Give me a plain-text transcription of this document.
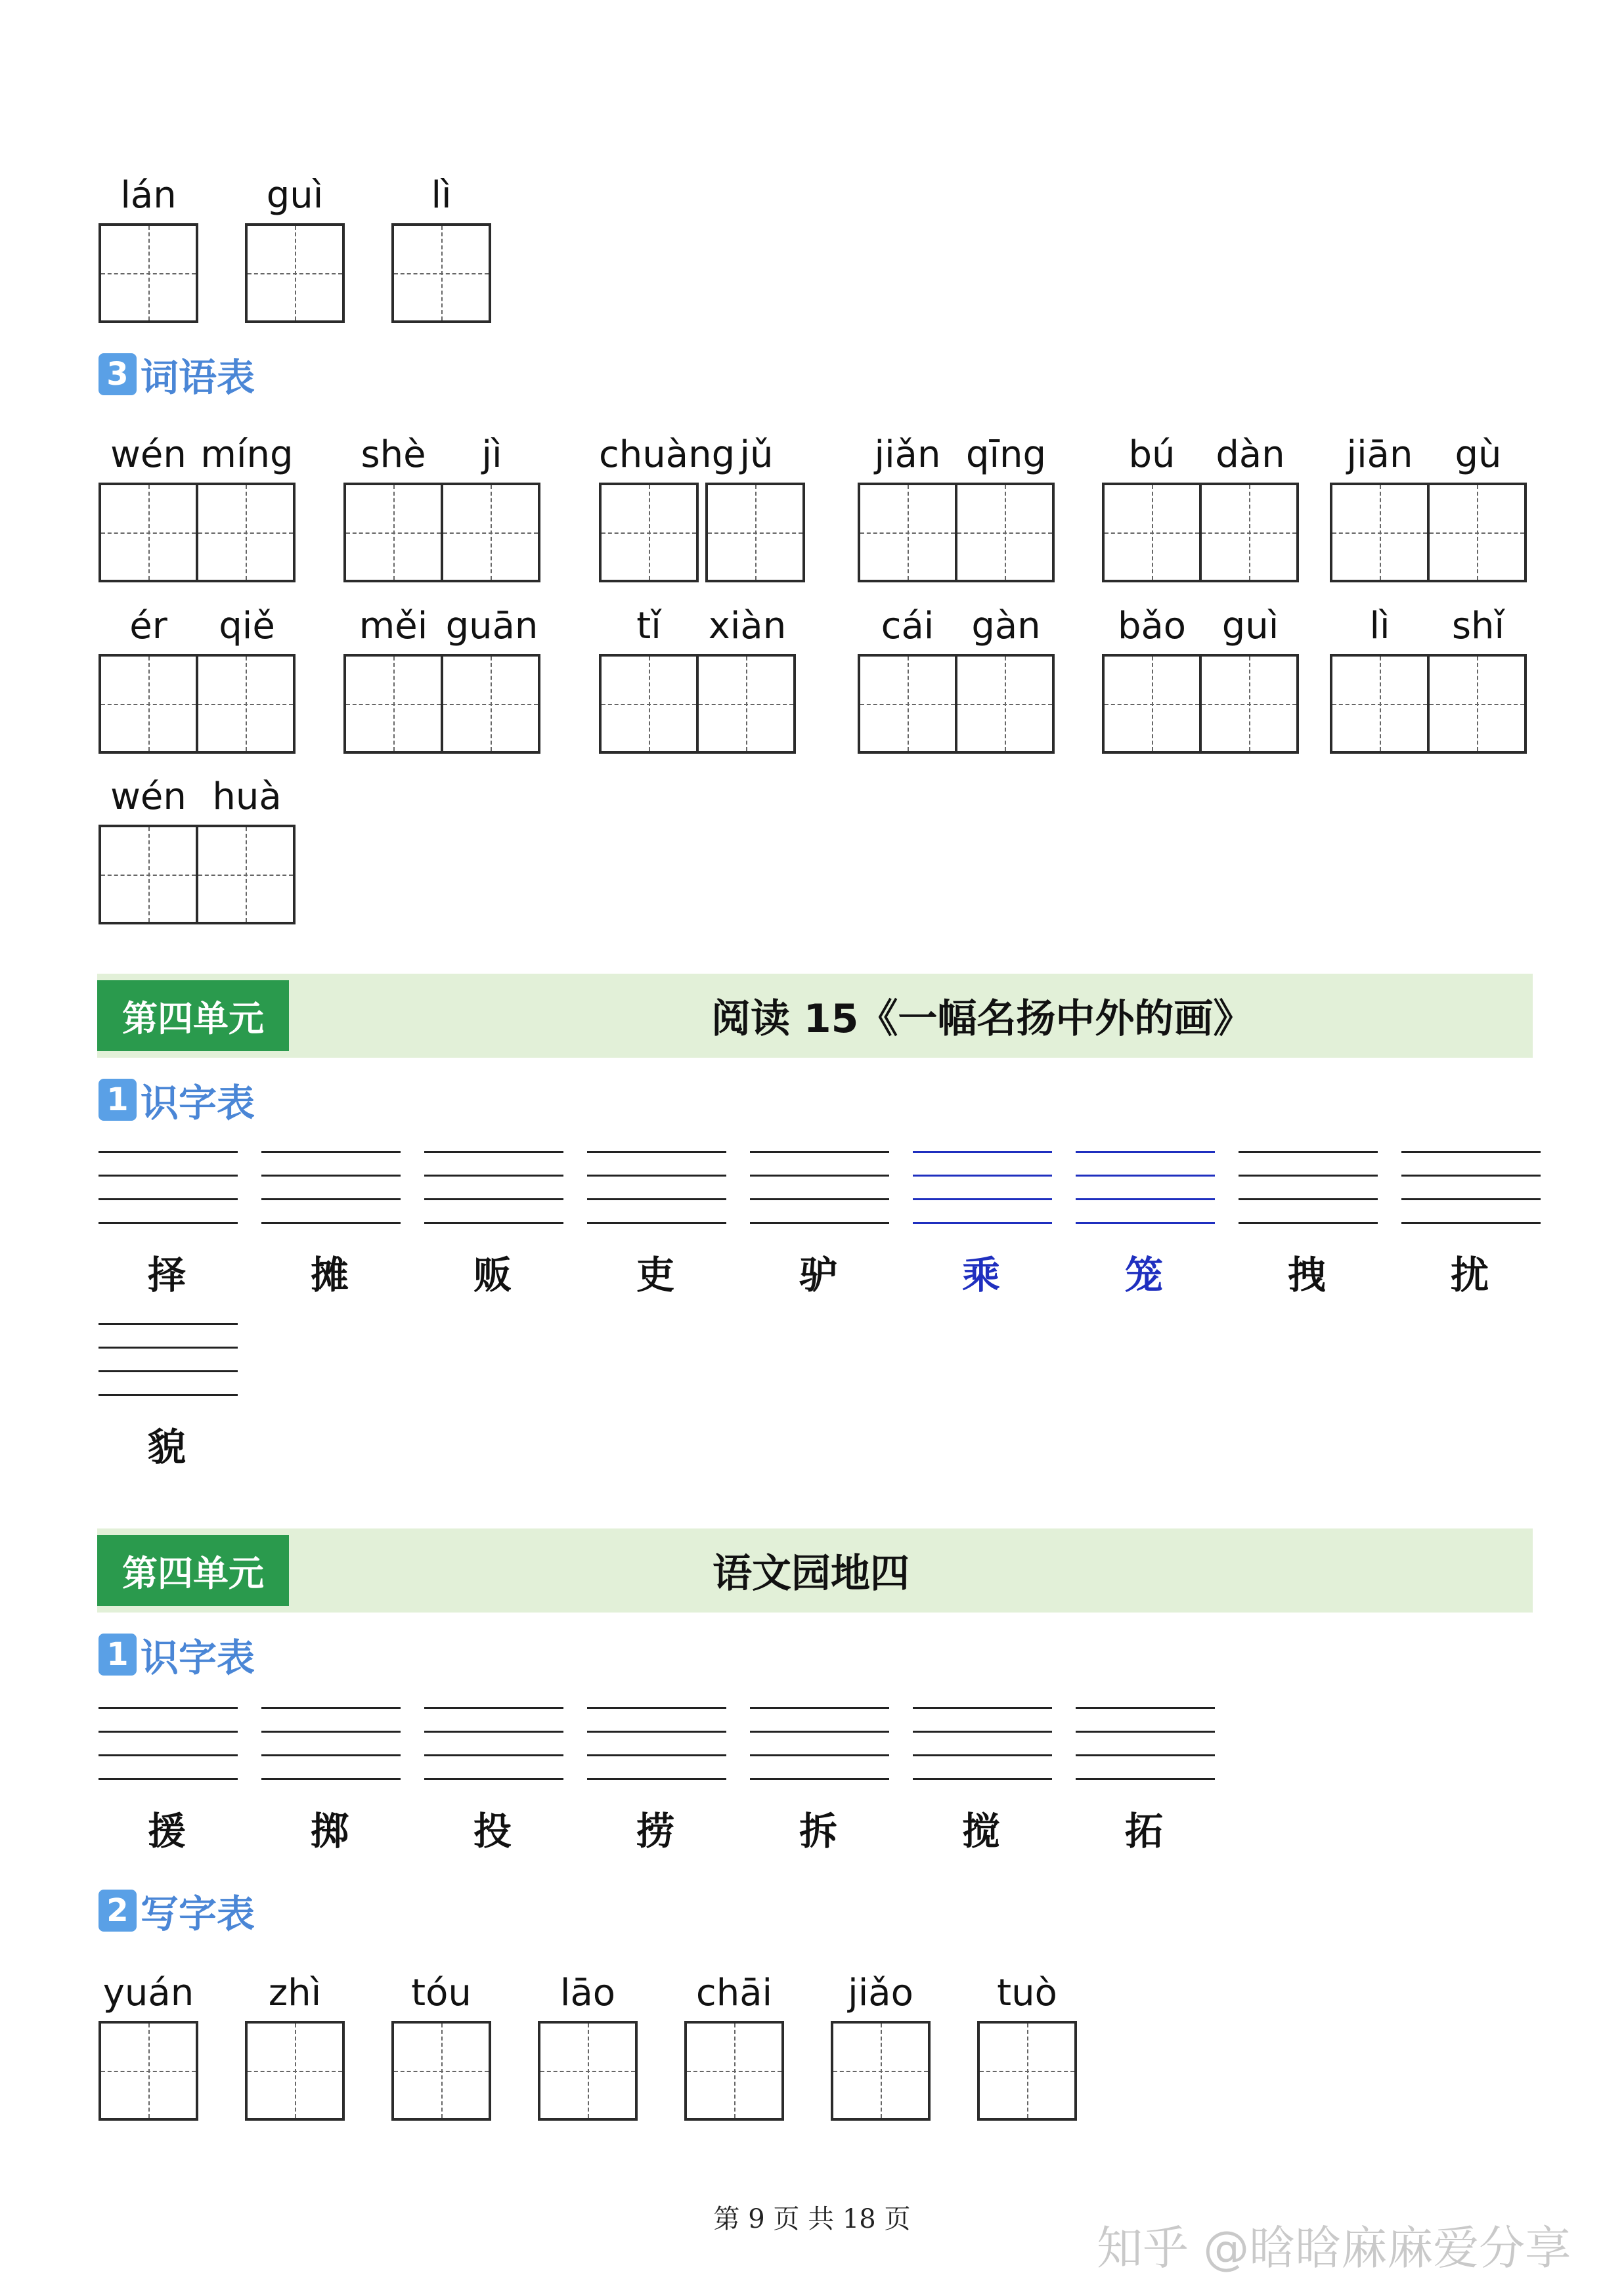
lán	guì	lì
3 词语表
wén míng	shè	jì	chuàng jǔ	jiǎn qīng	bú	dàn	jiān	gù
ér	qiě	měi guān	tǐ	xiàn	cái	gàn	bǎo guì	lì	shǐ
wén huà
第四单元	阅读 15《一幅名扬中外的画》
1 识字表
择	摊	贩	吏	驴	乘	笼	拽	扰
貌
第四单元	语文园地四
1 识字表
援	掷	投	捞	拆	搅	拓
2 写字表
yuán	zhì	tóu	lāo	chāi	jiǎo	tuò
第 9 页 共 18 页
知乎 @晗晗麻麻爱分享
